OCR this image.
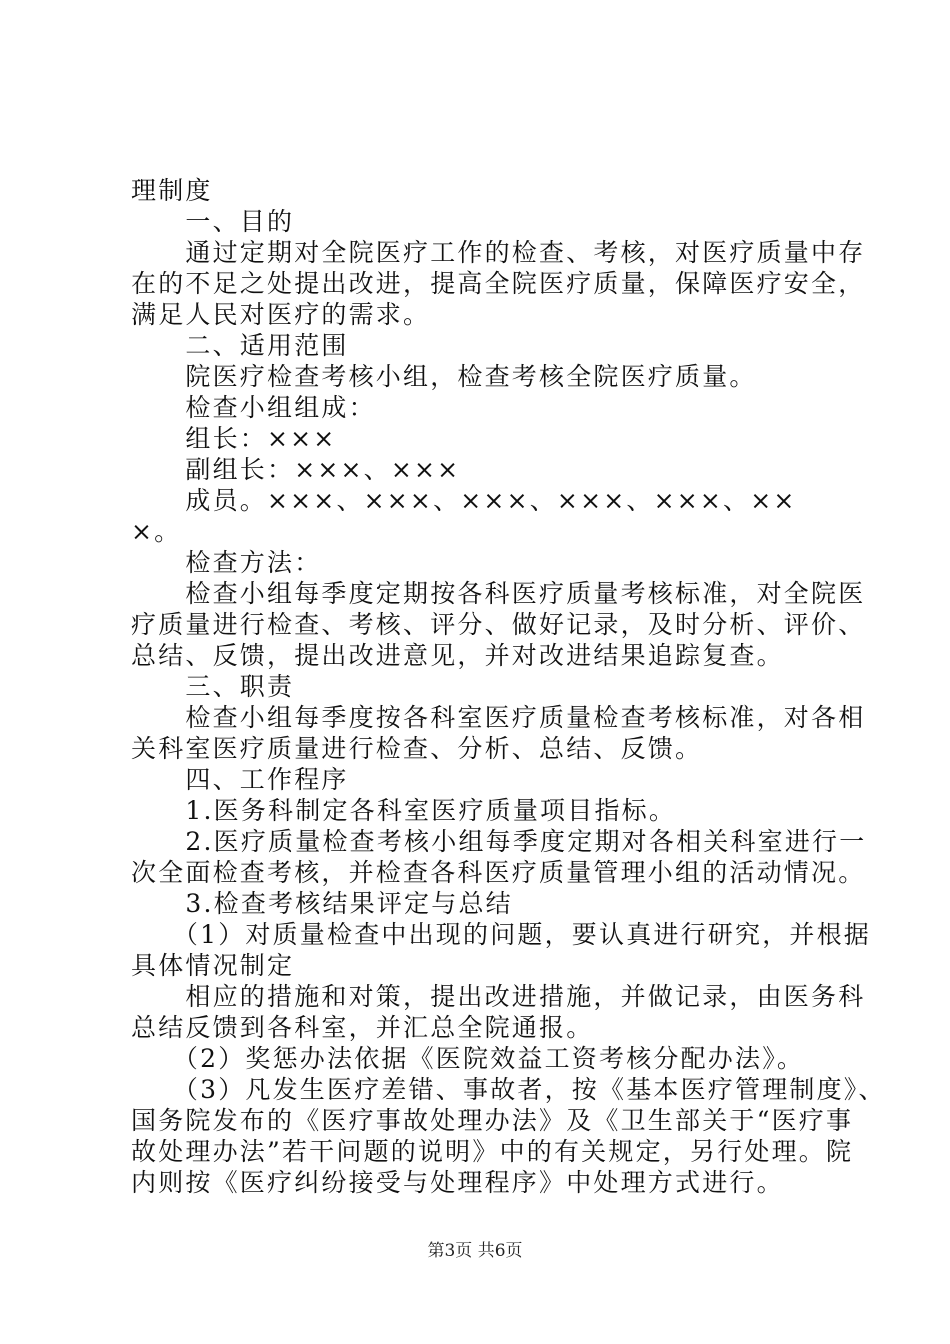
理制度
　　一、目的
　　通过定期对全院医疗工作的检查、考核，对医疗质量中存
在的不足之处提出改进，提高全院医疗质量，保障医疗安全，
满足人民对医疗的需求。
　　二、适用范围
　　院医疗检查考核小组，检查考核全院医疗质量。
　　检查小组组成：
　　组长：×××
　　副组长：×××、×××
　　成员。×××、×××、×××、×××、×××、××
×。
　　检查方法：
　　检查小组每季度定期按各科医疗质量考核标准，对全院医
疗质量进行检查、考核、评分、做好记录，及时分析、评价、
总结、反馈，提出改进意见，并对改进结果追踪复查。
　　三、职责
　　检查小组每季度按各科室医疗质量检查考核标准，对各相
关科室医疗质量进行检查、分析、总结、反馈。
　　四、工作程序
　　1.医务科制定各科室医疗质量项目指标。
　　2.医疗质量检查考核小组每季度定期对各相关科室进行一
次全面检查考核，并检查各科医疗质量管理小组的活动情况。
　　3.检查考核结果评定与总结
　　（1）对质量检查中出现的问题，要认真进行研究，并根据
具体情况制定
　　相应的措施和对策，提出改进措施，并做记录，由医务科
总结反馈到各科室，并汇总全院通报。
　　（2）奖惩办法依据《医院效益工资考核分配办法》。
　　（3）凡发生医疗差错、事故者，按《基本医疗管理制度》、
国务院发布的《医疗事故处理办法》及《卫生部关于“医疗事
故处理办法”若干问题的说明》中的有关规定，另行处理。院
内则按《医疗纠纷接受与处理程序》中处理方式进行。
第3页 共6页
